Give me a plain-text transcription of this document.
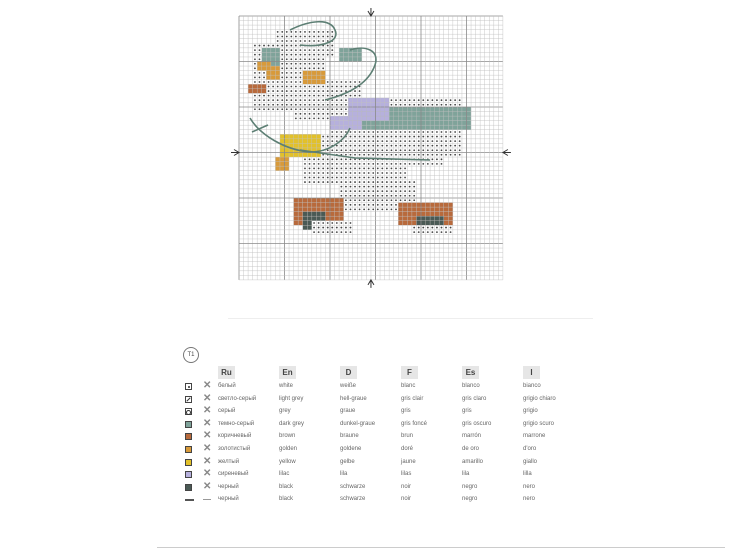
T1
Ru	En	D	F	Es	I
✕ белый	white	weiße	blanc	blanco	bianco
✕ светло-серый	light grey	hell-graue	gris clair	gris claro	grigio chiaro
✕ серый	grey	graue	gris	gris	grigio
✕ темно-серый	dark grey	dunkel-graue	gris foncé	gris oscuro	grigio scuro
✕ коричневый	brown	braune	brun	marrón	marrone
✕ золотистый	golden	goldene	doré	de oro	d'oro
✕ желтый	yellow	gelbe	jaune	amarillo	giallo
✕ сиреневый	lilac	lila	lilas	lila	lilla
✕ черный	black	schwarze	noir	negro	nero
черный	black	schwarze	noir	negro	nero
